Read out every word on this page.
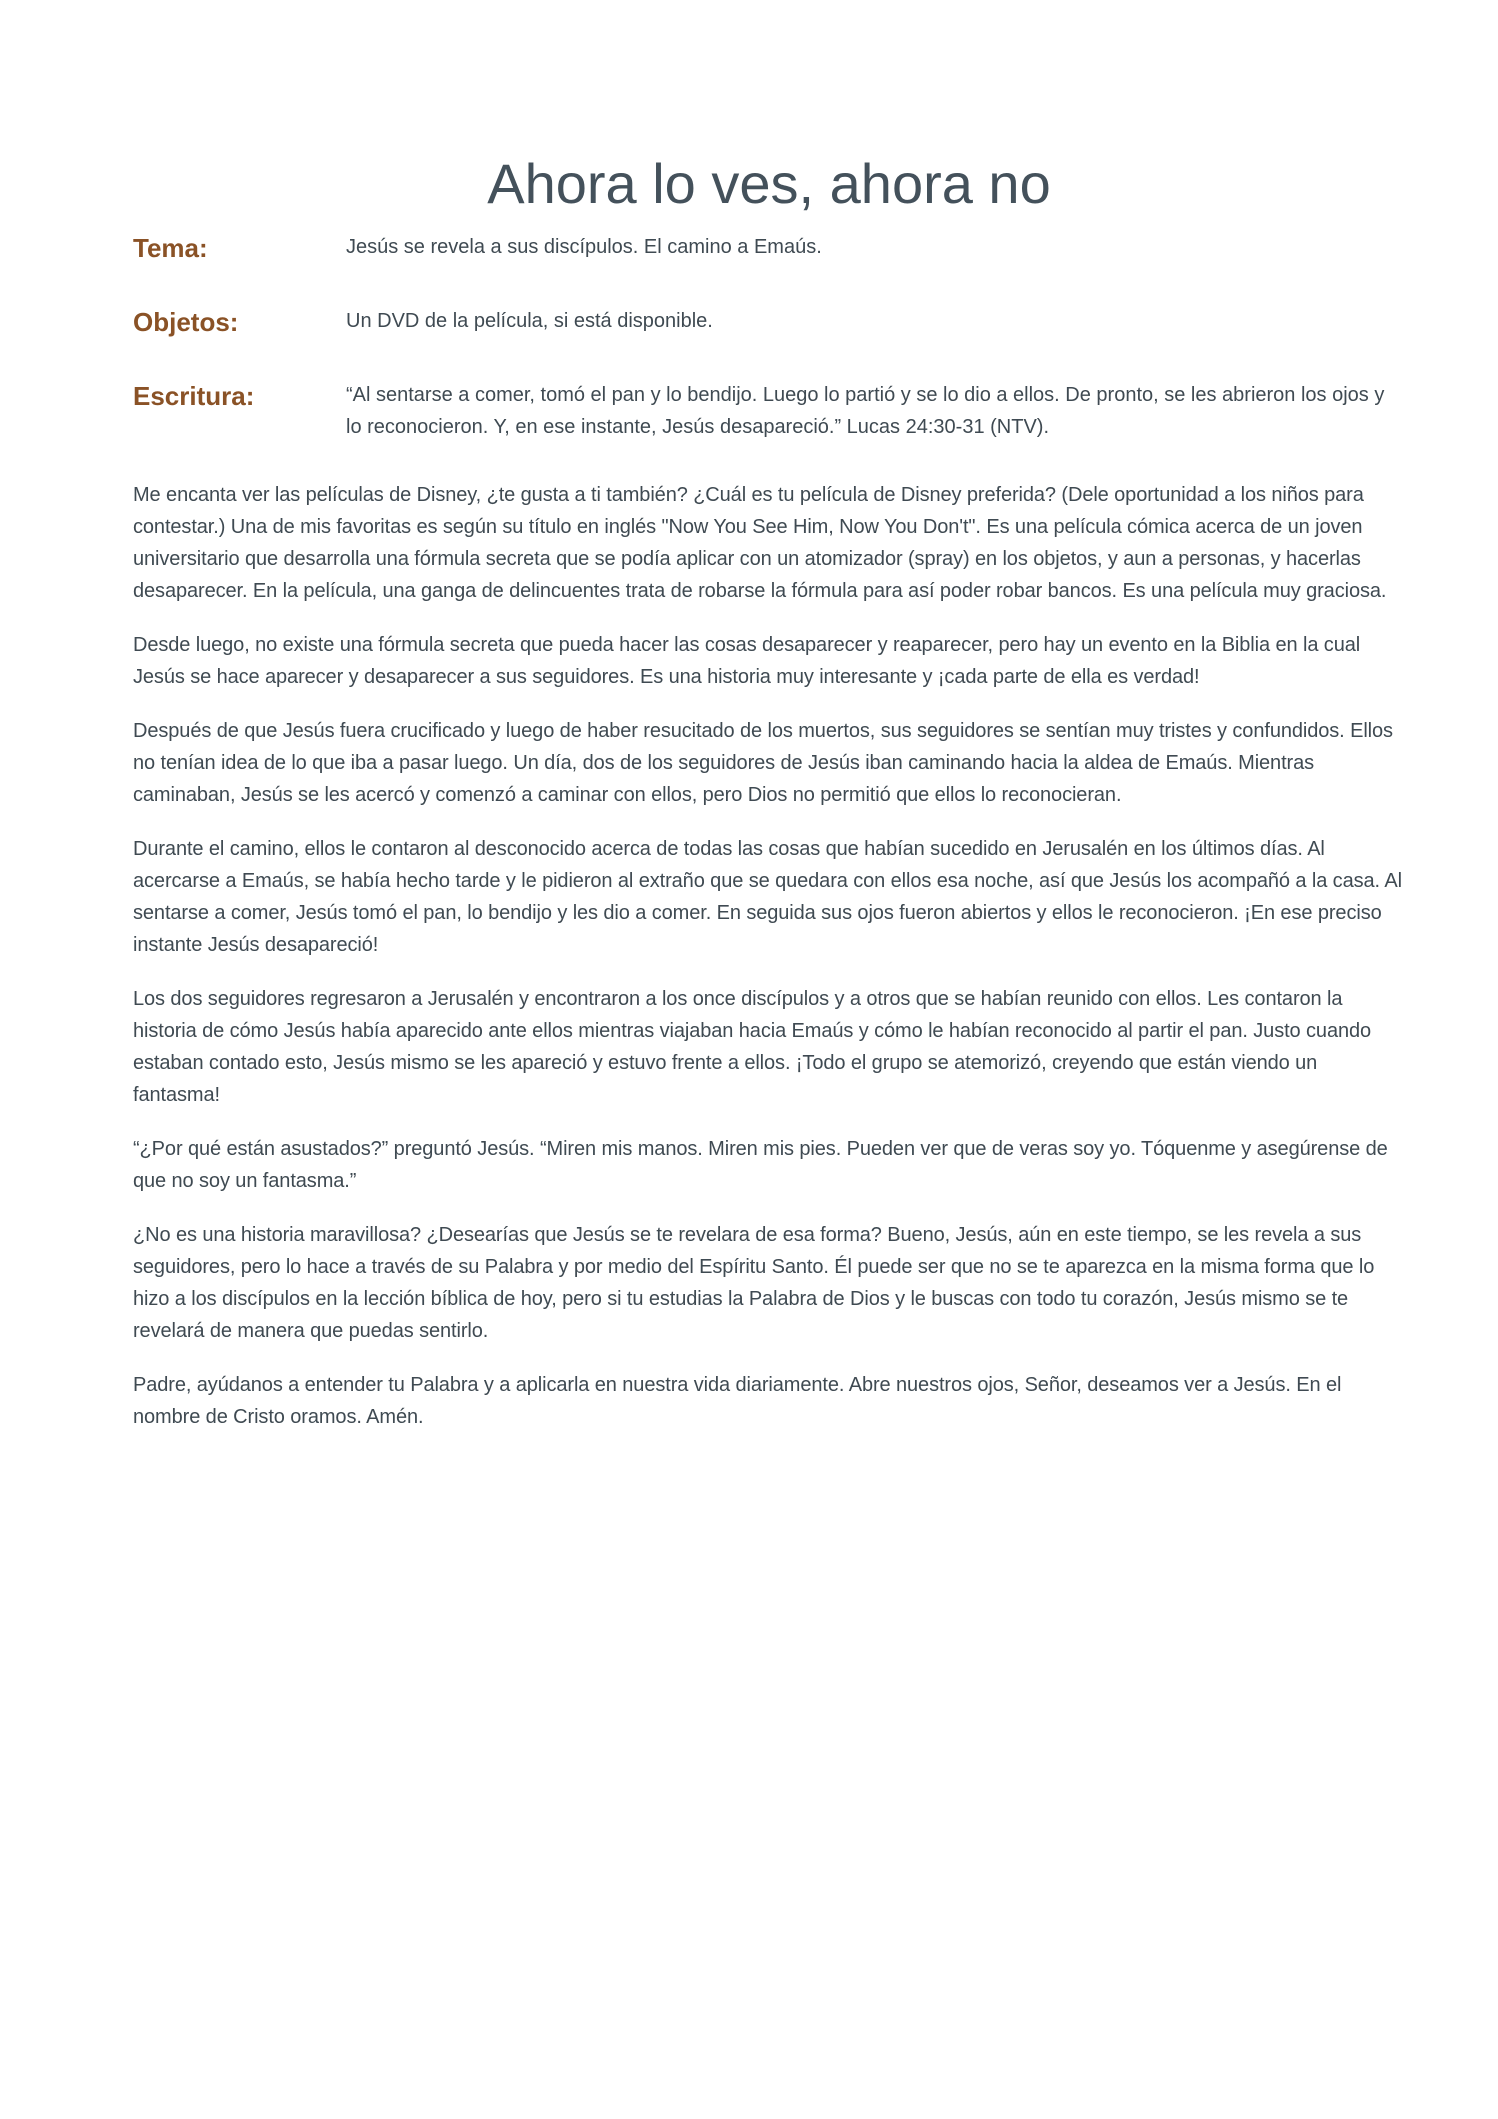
Ahora lo ves, ahora no
Tema:	Jesús se revela a sus discípulos. El camino a Emaús.
Objetos:	Un DVD de la película, si está disponible.
Escritura:	“Al sentarse a comer, tomó el pan y lo bendijo. Luego lo partió y se lo dio a ellos. De pronto, se les abrieron los ojos y lo reconocieron. Y, en ese instante, Jesús desapareció.” Lucas 24:30-31 (NTV).

Me encanta ver las películas de Disney, ¿te gusta a ti también? ¿Cuál es tu película de Disney preferida? (Dele oportunidad a los niños para contestar.) Una de mis favoritas es según su título en inglés "Now You See Him, Now You Don't". Es una película cómica acerca de un joven universitario que desarrolla una fórmula secreta que se podía aplicar con un atomizador (spray) en los objetos, y aun a personas, y hacerlas desaparecer. En la película, una ganga de delincuentes trata de robarse la fórmula para así poder robar bancos. Es una película muy graciosa.

Desde luego, no existe una fórmula secreta que pueda hacer las cosas desaparecer y reaparecer, pero hay un evento en la Biblia en la cual Jesús se hace aparecer y desaparecer a sus seguidores. Es una historia muy interesante y ¡cada parte de ella es verdad!

Después de que Jesús fuera crucificado y luego de haber resucitado de los muertos, sus seguidores se sentían muy tristes y confundidos. Ellos no tenían idea de lo que iba a pasar luego. Un día, dos de los seguidores de Jesús iban caminando hacia la aldea de Emaús. Mientras caminaban, Jesús se les acercó y comenzó a caminar con ellos, pero Dios no permitió que ellos lo reconocieran.

Durante el camino, ellos le contaron al desconocido acerca de todas las cosas que habían sucedido en Jerusalén en los últimos días. Al acercarse a Emaús, se había hecho tarde y le pidieron al extraño que se quedara con ellos esa noche, así que Jesús los acompañó a la casa. Al sentarse a comer, Jesús tomó el pan, lo bendijo y les dio a comer. En seguida sus ojos fueron abiertos y ellos le reconocieron. ¡En ese preciso instante Jesús desapareció!

Los dos seguidores regresaron a Jerusalén y encontraron a los once discípulos y a otros que se habían reunido con ellos. Les contaron la historia de cómo Jesús había aparecido ante ellos mientras viajaban hacia Emaús y cómo le habían reconocido al partir el pan. Justo cuando estaban contado esto, Jesús mismo se les apareció y estuvo frente a ellos. ¡Todo el grupo se atemorizó, creyendo que están viendo un fantasma!

“¿Por qué están asustados?” preguntó Jesús. “Miren mis manos. Miren mis pies. Pueden ver que de veras soy yo. Tóquenme y asegúrense de que no soy un fantasma.”

¿No es una historia maravillosa? ¿Desearías que Jesús se te revelara de esa forma? Bueno, Jesús, aún en este tiempo, se les revela a sus seguidores, pero lo hace a través de su Palabra y por medio del Espíritu Santo. Él puede ser que no se te aparezca en la misma forma que lo hizo a los discípulos en la lección bíblica de hoy, pero si tu estudias la Palabra de Dios y le buscas con todo tu corazón, Jesús mismo se te revelará de manera que puedas sentirlo.

Padre, ayúdanos a entender tu Palabra y a aplicarla en nuestra vida diariamente. Abre nuestros ojos, Señor, deseamos ver a Jesús. En el nombre de Cristo oramos. Amén.
